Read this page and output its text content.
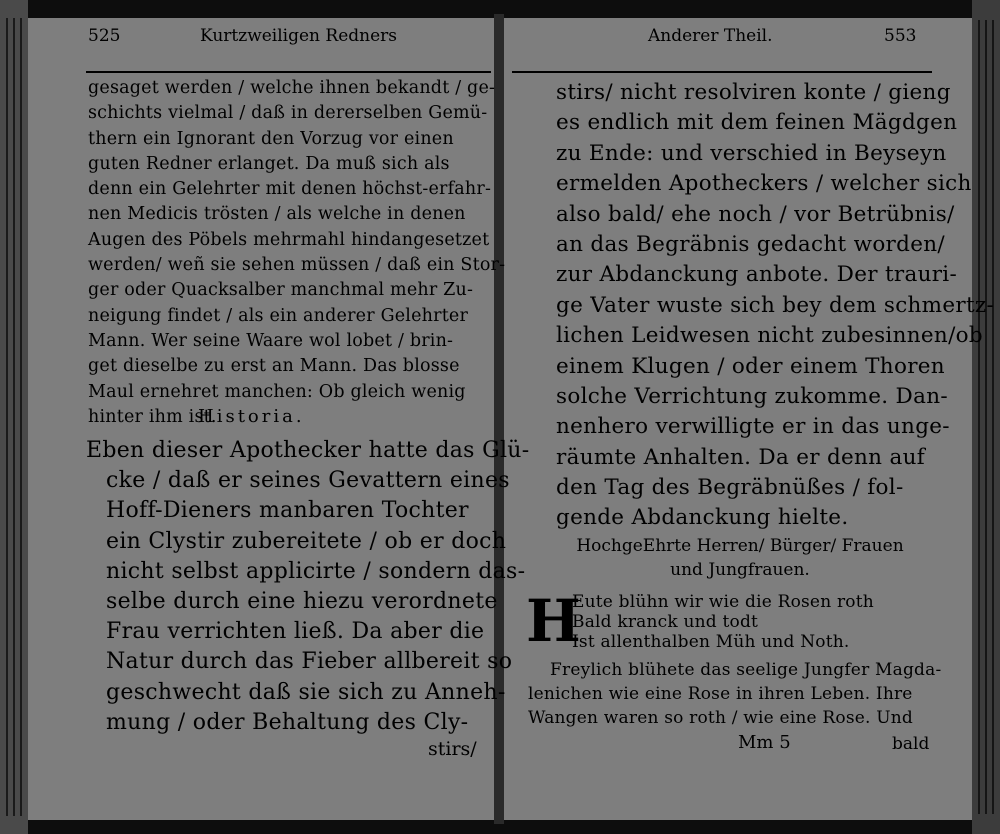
525	Kurtzweiligen Redners
gesaget werden / welche ihnen bekandt / ge-
schichts vielmal / daß in dererselben Gemü-
thern ein Ignorant den Vorzug vor einen
guten Redner erlanget. Da muß sich als
denn ein Gelehrter mit denen höchst-erfahr-
nen Medicis trösten / als welche in denen
Augen des Pöbels mehrmahl hindangesetzet
werden/ weñ sie sehen müssen / daß ein Stor-
ger oder Quacksalber manchmal mehr Zu-
neigung findet / als ein anderer Gelehrter
Mann. Wer seine Waare wol lobet / brin-
get dieselbe zu erst an Mann. Das blosse
Maul ernehret manchen: Ob gleich wenig
hinter ihm ist.
Historia.
Eben dieser Apothecker hatte das Glü-
cke / daß er seines Gevattern eines
Hoff-Dieners manbaren Tochter
ein Clystir zubereitete / ob er doch
nicht selbst applicirte / sondern das-
selbe durch eine hiezu verordnete
Frau verrichten ließ. Da aber die
Natur durch das Fieber allbereit so
geschwecht daß sie sich zu Anneh-
mung / oder Behaltung des Cly-
stirs/
Anderer Theil.	553
stirs/ nicht resolviren konte / gieng
es endlich mit dem feinen Mägdgen
zu Ende: und verschied in Beyseyn
ermelden Apotheckers / welcher sich
also bald/ ehe noch / vor Betrübnis/
an das Begräbnis gedacht worden/
zur Abdanckung anbote. Der trauri-
ge Vater wuste sich bey dem schmertz-
lichen Leidwesen nicht zubesinnen/ob
einem Klugen / oder einem Thoren
solche Verrichtung zukomme. Dan-
nenhero verwilligte er in das unge-
räumte Anhalten. Da er denn auf
den Tag des Begräbnüßes / fol-
gende Abdanckung hielte.
HochgeEhrte Herren/ Bürger/ Frauen
und Jungfrauen.
H
Eute blühn wir wie die Rosen roth
Bald kranck und todt
Ist allenthalben Müh und Noth.
Freylich blühete das seelige Jungfer Magda-
lenichen wie eine Rose in ihren Leben. Ihre
Wangen waren so roth / wie eine Rose. Und
Mm 5	bald
